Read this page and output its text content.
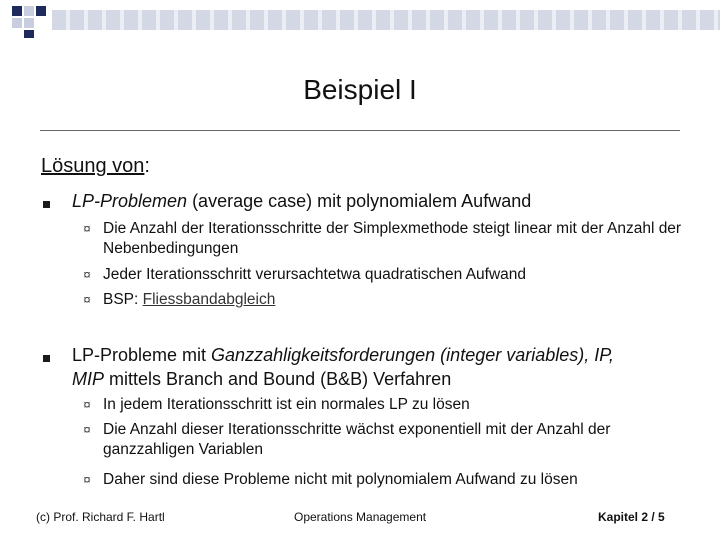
Beispiel I
Lösung von:
LP-Problemen (average case) mit polynomialem Aufwand
¤ Die Anzahl der Iterationsschritte der Simplexmethode steigt linear mit der Anzahl der Nebenbedingungen
¤ Jeder Iterationsschritt verursachtetwa quadratischen Aufwand
¤ BSP: Fliessbandabgleich
LP-Probleme mit Ganzzahligkeitsforderungen (integer variables), IP,
MIP mittels Branch and Bound (B&B) Verfahren
¤ In jedem Iterationsschritt ist ein normales LP zu lösen
¤ Die Anzahl dieser Iterationsschritte wächst exponentiell mit der Anzahl der ganzzahligen Variablen
¤ Daher sind diese Probleme nicht mit polynomialem Aufwand zu lösen
(c) Prof. Richard F. Hartl	Operations Management	Kapitel 2 / 5
